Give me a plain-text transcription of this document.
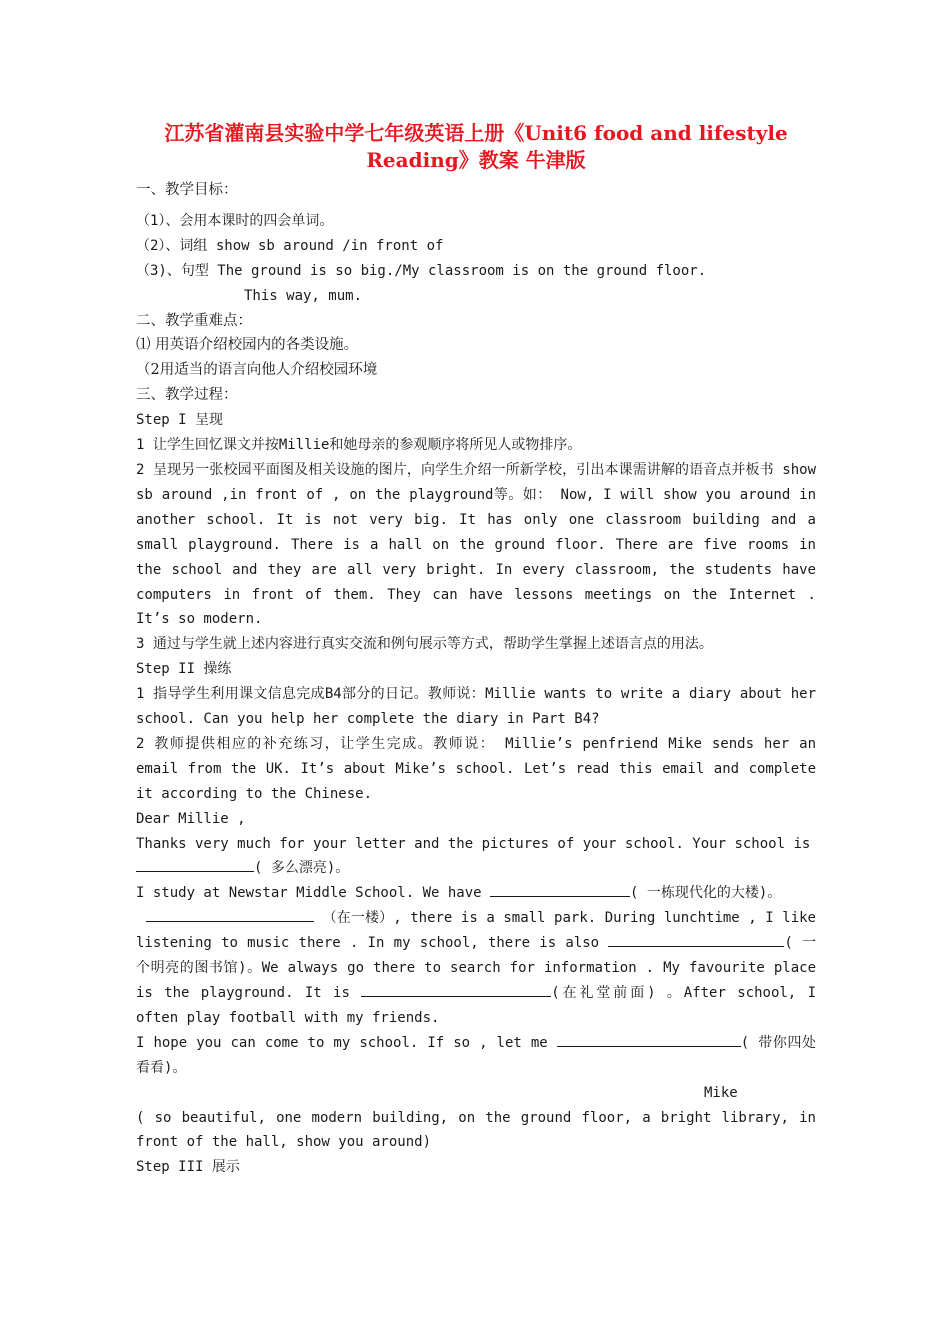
江苏省灌南县实验中学七年级英语上册《Unit6 food and lifestyle Reading》教案 牛津版
一、教学目标：
（1）、会用本课时的四会单词。
（2）、词组 show sb around /in front of
（3)、句型 The ground is so big./My classroom is on the ground floor.
This way, mum.
二、教学重难点：
⑴ 用英语介绍校园内的各类设施。
（2用适当的语言向他人介绍校园环境
三、教学过程：
Step I 呈现
1 让学生回忆课文并按Millie和她母亲的参观顺序将所见人或物排序。
2 呈现另一张校园平面图及相关设施的图片，向学生介绍一所新学校，引出本课需讲解的语音点并板书 show sb around ,in front of , on the playground等。如： Now, I will show you around in another school. It is not very big. It has only one classroom building and a small playground. There is a hall on the ground floor. There are five rooms in the school and they are all very bright. In every classroom, the students have computers in front of them. They can have lessons meetings on the Internet . It’s so modern.
3 通过与学生就上述内容进行真实交流和例句展示等方式，帮助学生掌握上述语言点的用法。
Step II 操练
1 指导学生利用课文信息完成B4部分的日记。教师说：Millie wants to write a diary about her school. Can you help her complete the diary in Part B4?
2 教师提供相应的补充练习，让学生完成。教师说： Millie’s penfriend Mike sends her an email from the UK. It’s about Mike’s school. Let’s read this email and complete it according to the Chinese.
Dear Millie ,
Thanks very much for your letter and the pictures of your school. Your school is
( 多么漂亮)。
I study at Newstar Middle School. We have	( 一栋现代化的大楼)。
（在一楼）, there is a small park. During lunchtime , I like listening to music there . In my school, there is also	( 一个明亮的图书馆)。We always go there to search for information . My favourite place is the playground. It is	(在礼堂前面) 。After school, I often play football with my friends.
I hope you can come to my school. If so , let me	( 带你四处看看)。
Mike
( so beautiful, one modern building, on the ground floor, a bright library, in front of the hall, show you around)
Step III 展示
